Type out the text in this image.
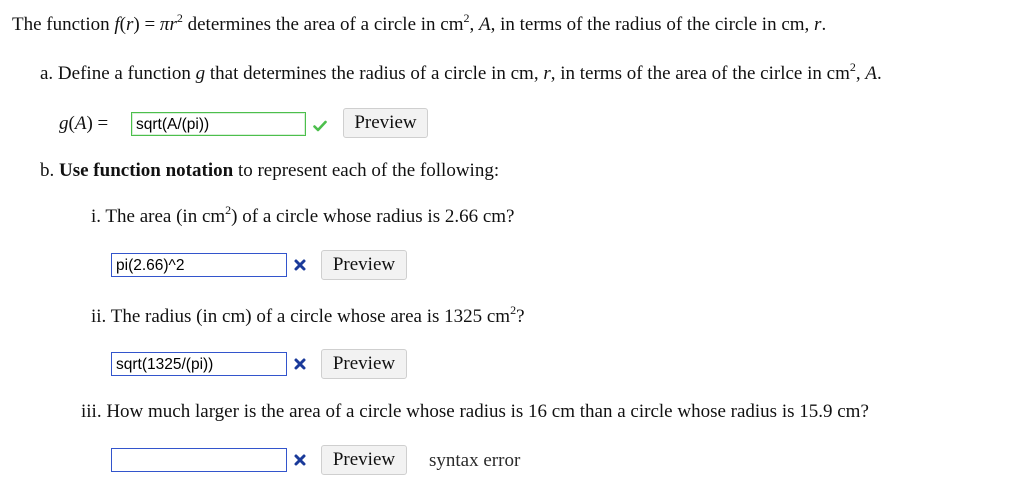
The function $f(r) = \pi r^2$ determines the area of a circle in $cm^2$, A, in terms of the radius of the circle in cm, r.
a. Define a function g that determines the radius of a circle in cm, r, in terms of the area of the cirlce in $cm^2$, A.
g(A) =	sqrt(A/(pi))	Preview
b. Use function notation to represent each of the following:
i. The area (in $cm^2$) of a circle whose radius is 2.66 cm?
pi(2.66)^2	Preview
ii. The radius (in cm) of a circle whose area is 1325 $cm^2$?
sqrt(1325/(pi))	Preview
iii. How much larger is the area of a circle whose radius is 16 cm than a circle whose radius is 15.9 cm?
Preview	syntax error
